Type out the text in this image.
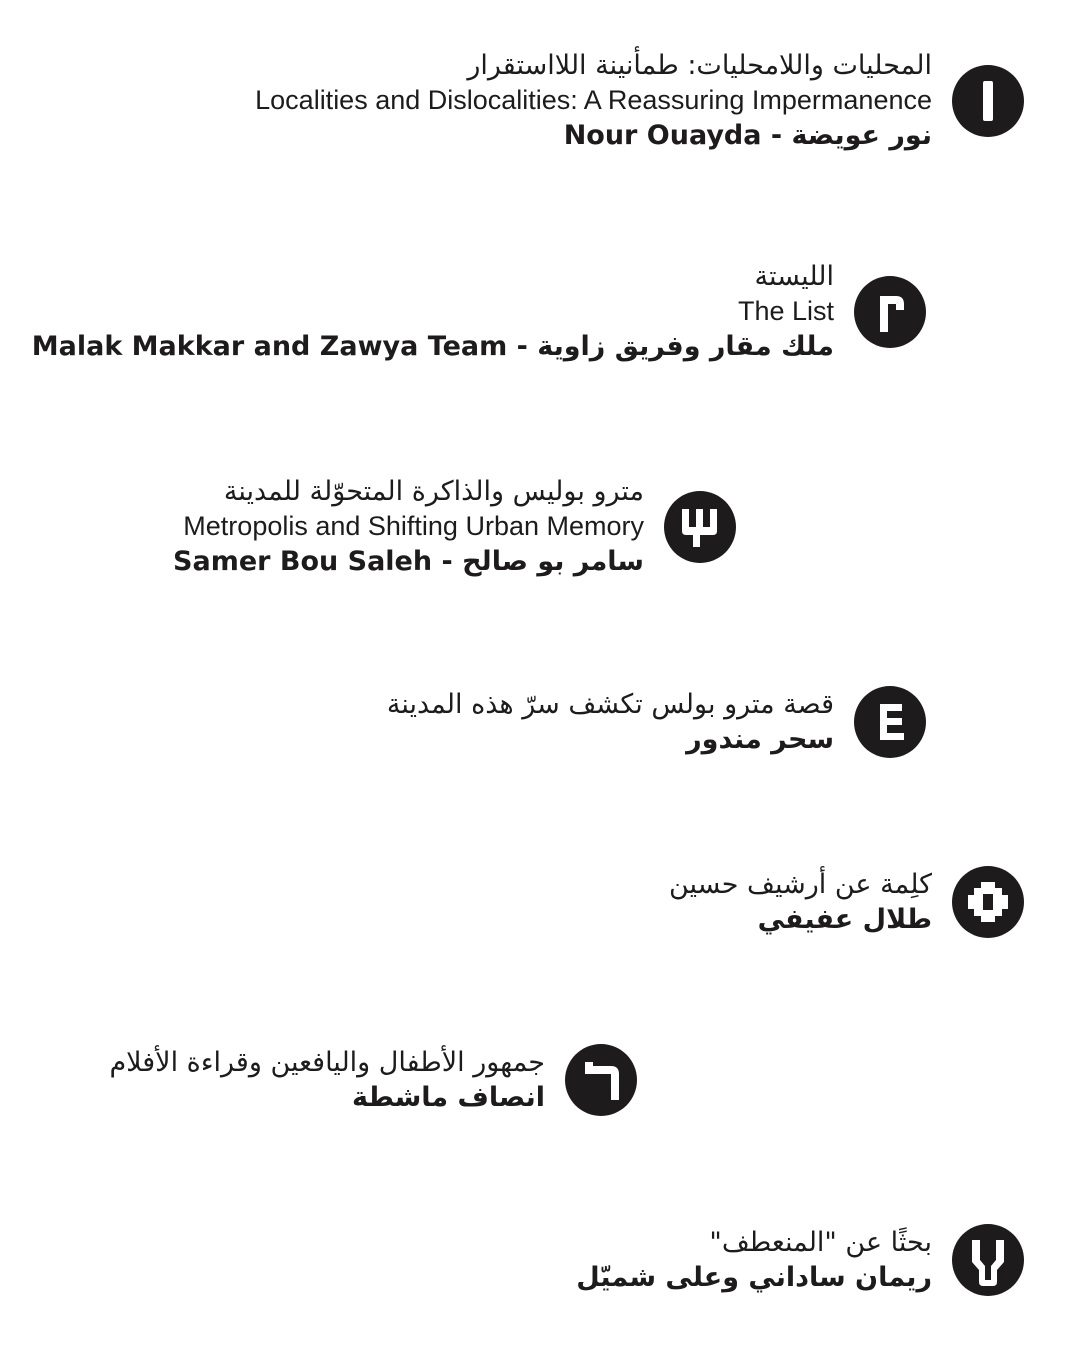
المحليات واللامحليات: طمأنينة اللااستقرار
Localities and Dislocalities: A Reassuring Impermanence
Nour Ouayda - نور عويضة
الليستة
The List
Malak Makkar and Zawya Team - ملك مقار وفريق زاوية
مترو بوليس والذاكرة المتحوّلة للمدينة
Metropolis and Shifting Urban Memory
Samer Bou Saleh - سامر بو صالح
قصة مترو بولس تكشف سرّ هذه المدينة
سحر مندور
كلِمة عن أرشيف حسين
طلال عفيفي
جمهور الأطفال واليافعين وقراءة الأفلام
انصاف ماشطة
بحثًا عن "المنعطف"
ريمان ساداني وعلى شميّل
